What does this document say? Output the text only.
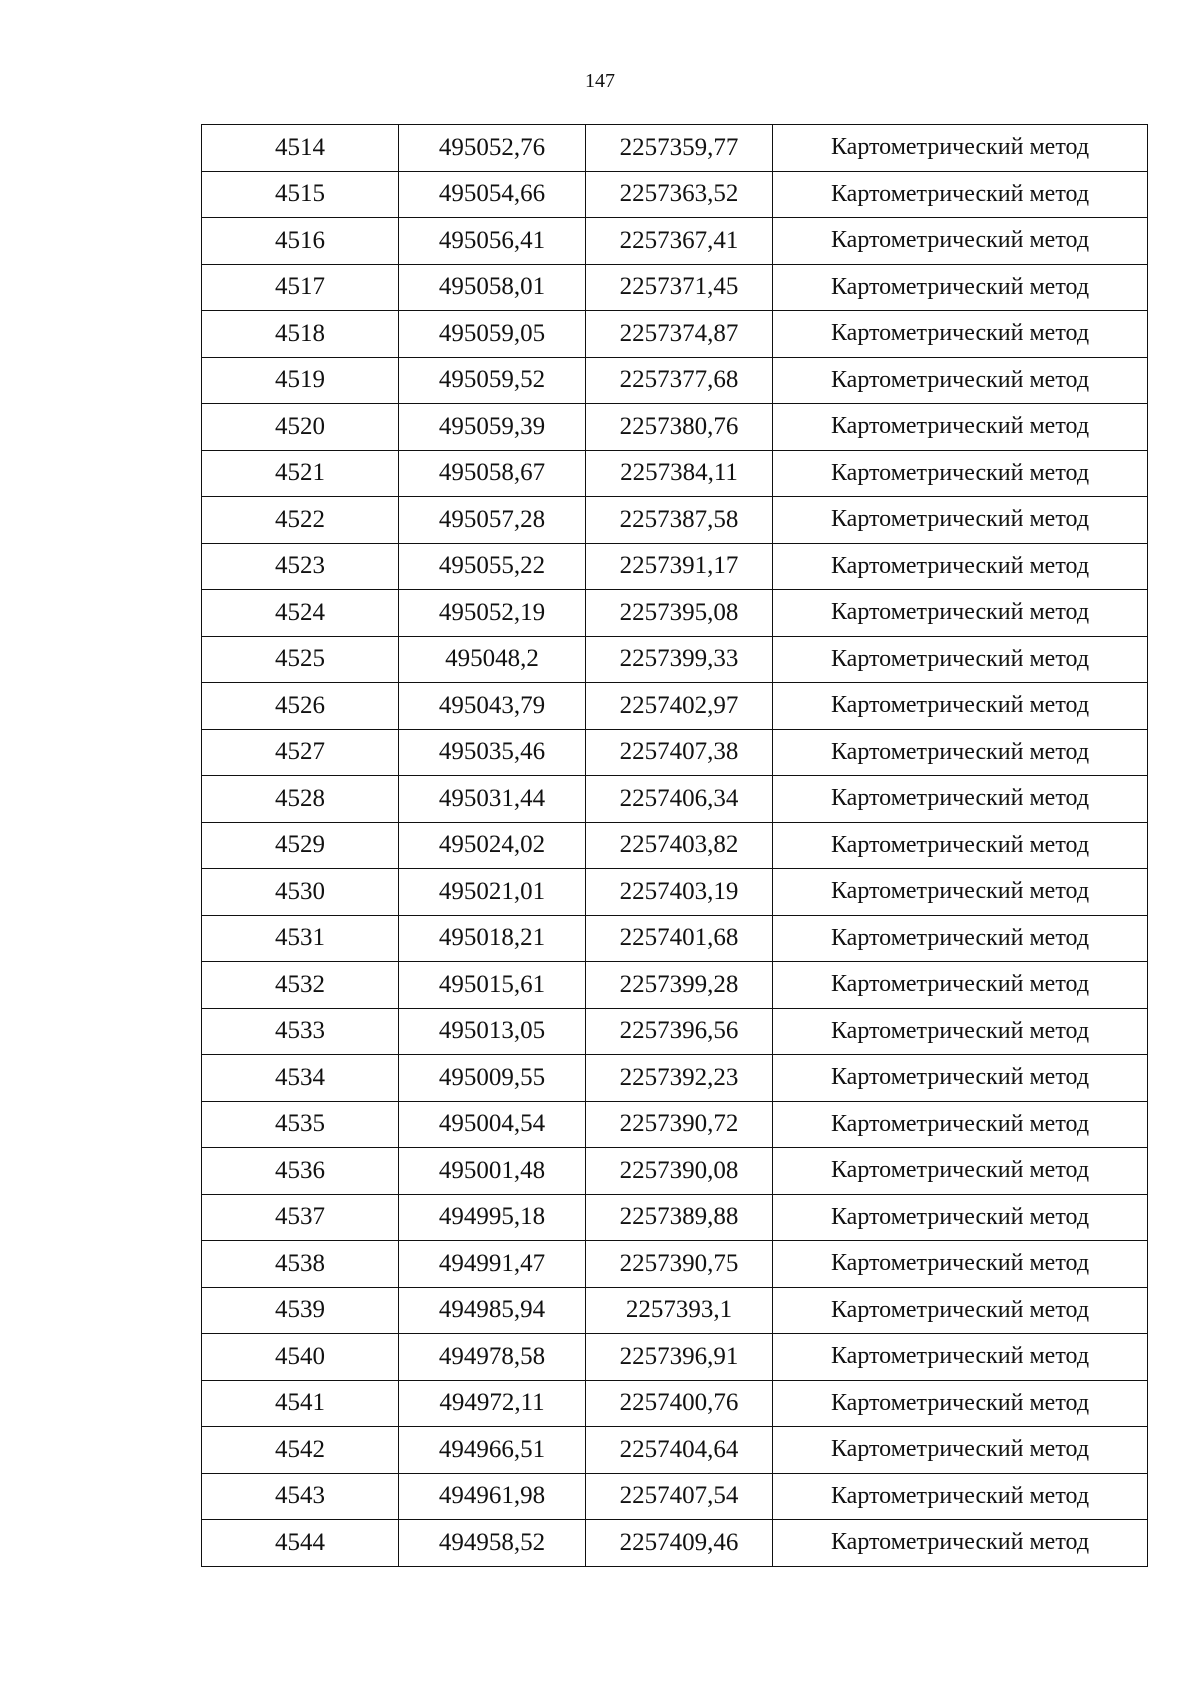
147
4514	495052,76	2257359,77	Картометрический метод
4515	495054,66	2257363,52	Картометрический метод
4516	495056,41	2257367,41	Картометрический метод
4517	495058,01	2257371,45	Картометрический метод
4518	495059,05	2257374,87	Картометрический метод
4519	495059,52	2257377,68	Картометрический метод
4520	495059,39	2257380,76	Картометрический метод
4521	495058,67	2257384,11	Картометрический метод
4522	495057,28	2257387,58	Картометрический метод
4523	495055,22	2257391,17	Картометрический метод
4524	495052,19	2257395,08	Картометрический метод
4525	495048,2	2257399,33	Картометрический метод
4526	495043,79	2257402,97	Картометрический метод
4527	495035,46	2257407,38	Картометрический метод
4528	495031,44	2257406,34	Картометрический метод
4529	495024,02	2257403,82	Картометрический метод
4530	495021,01	2257403,19	Картометрический метод
4531	495018,21	2257401,68	Картометрический метод
4532	495015,61	2257399,28	Картометрический метод
4533	495013,05	2257396,56	Картометрический метод
4534	495009,55	2257392,23	Картометрический метод
4535	495004,54	2257390,72	Картометрический метод
4536	495001,48	2257390,08	Картометрический метод
4537	494995,18	2257389,88	Картометрический метод
4538	494991,47	2257390,75	Картометрический метод
4539	494985,94	2257393,1	Картометрический метод
4540	494978,58	2257396,91	Картометрический метод
4541	494972,11	2257400,76	Картометрический метод
4542	494966,51	2257404,64	Картометрический метод
4543	494961,98	2257407,54	Картометрический метод
4544	494958,52	2257409,46	Картометрический метод
